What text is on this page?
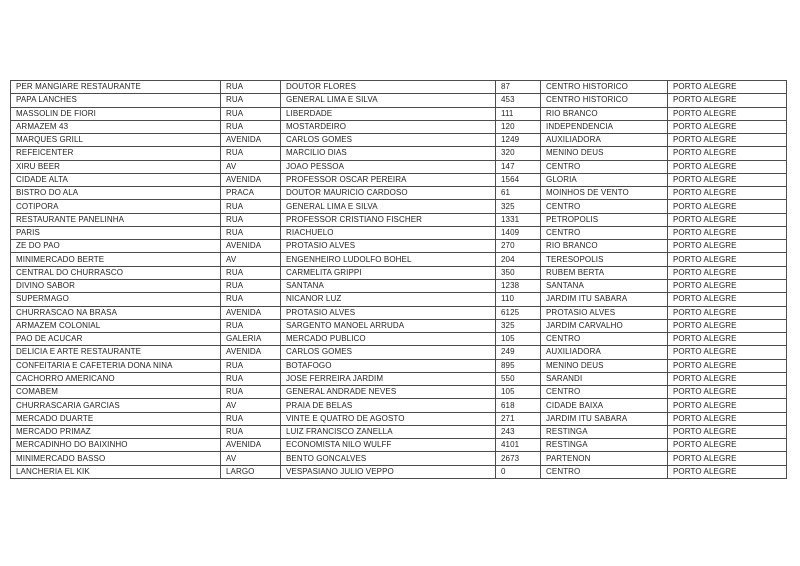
PER MANGIARE RESTAURANTE	RUA	DOUTOR FLORES	87	CENTRO HISTORICO	PORTO ALEGRE
PAPA LANCHES	RUA	GENERAL LIMA E SILVA	453	CENTRO HISTORICO	PORTO ALEGRE
MASSOLIN DE FIORI	RUA	LIBERDADE	111	RIO BRANCO	PORTO ALEGRE
ARMAZEM 43	RUA	MOSTARDEIRO	120	INDEPENDENCIA	PORTO ALEGRE
MARQUES GRILL	AVENIDA	CARLOS GOMES	1249	AUXILIADORA	PORTO ALEGRE
REFEICENTER	RUA	MARCILIO DIAS	320	MENINO DEUS	PORTO ALEGRE
XIRU BEER	AV	JOAO PESSOA	147	CENTRO	PORTO ALEGRE
CIDADE ALTA	AVENIDA	PROFESSOR OSCAR PEREIRA	1564	GLORIA	PORTO ALEGRE
BISTRO DO ALA	PRACA	DOUTOR MAURICIO CARDOSO	61	MOINHOS DE VENTO	PORTO ALEGRE
COTIPORA	RUA	GENERAL LIMA E SILVA	325	CENTRO	PORTO ALEGRE
RESTAURANTE PANELINHA	RUA	PROFESSOR CRISTIANO FISCHER	1331	PETROPOLIS	PORTO ALEGRE
PARIS	RUA	RIACHUELO	1409	CENTRO	PORTO ALEGRE
ZE DO PAO	AVENIDA	PROTASIO ALVES	270	RIO BRANCO	PORTO ALEGRE
MINIMERCADO BERTE	AV	ENGENHEIRO LUDOLFO BOHEL	204	TERESOPOLIS	PORTO ALEGRE
CENTRAL DO CHURRASCO	RUA	CARMELITA GRIPPI	350	RUBEM BERTA	PORTO ALEGRE
DIVINO SABOR	RUA	SANTANA	1238	SANTANA	PORTO ALEGRE
SUPERMAGO	RUA	NICANOR LUZ	110	JARDIM ITU SABARA	PORTO ALEGRE
CHURRASCAO NA BRASA	AVENIDA	PROTASIO ALVES	6125	PROTASIO ALVES	PORTO ALEGRE
ARMAZEM COLONIAL	RUA	SARGENTO MANOEL ARRUDA	325	JARDIM CARVALHO	PORTO ALEGRE
PAO DE ACUCAR	GALERIA	MERCADO PUBLICO	105	CENTRO	PORTO ALEGRE
DELICIA E ARTE RESTAURANTE	AVENIDA	CARLOS GOMES	249	AUXILIADORA	PORTO ALEGRE
CONFEITARIA E CAFETERIA DONA NINA	RUA	BOTAFOGO	895	MENINO DEUS	PORTO ALEGRE
CACHORRO AMERICANO	RUA	JOSE FERREIRA JARDIM	550	SARANDI	PORTO ALEGRE
COMABEM	RUA	GENERAL ANDRADE NEVES	105	CENTRO	PORTO ALEGRE
CHURRASCARIA GARCIAS	AV	PRAIA DE BELAS	618	CIDADE BAIXA	PORTO ALEGRE
MERCADO DUARTE	RUA	VINTE E QUATRO DE AGOSTO	271	JARDIM ITU SABARA	PORTO ALEGRE
MERCADO PRIMAZ	RUA	LUIZ FRANCISCO ZANELLA	243	RESTINGA	PORTO ALEGRE
MERCADINHO DO BAIXINHO	AVENIDA	ECONOMISTA NILO WULFF	4101	RESTINGA	PORTO ALEGRE
MINIMERCADO BASSO	AV	BENTO GONCALVES	2673	PARTENON	PORTO ALEGRE
LANCHERIA EL KIK	LARGO	VESPASIANO JULIO VEPPO	0	CENTRO	PORTO ALEGRE
